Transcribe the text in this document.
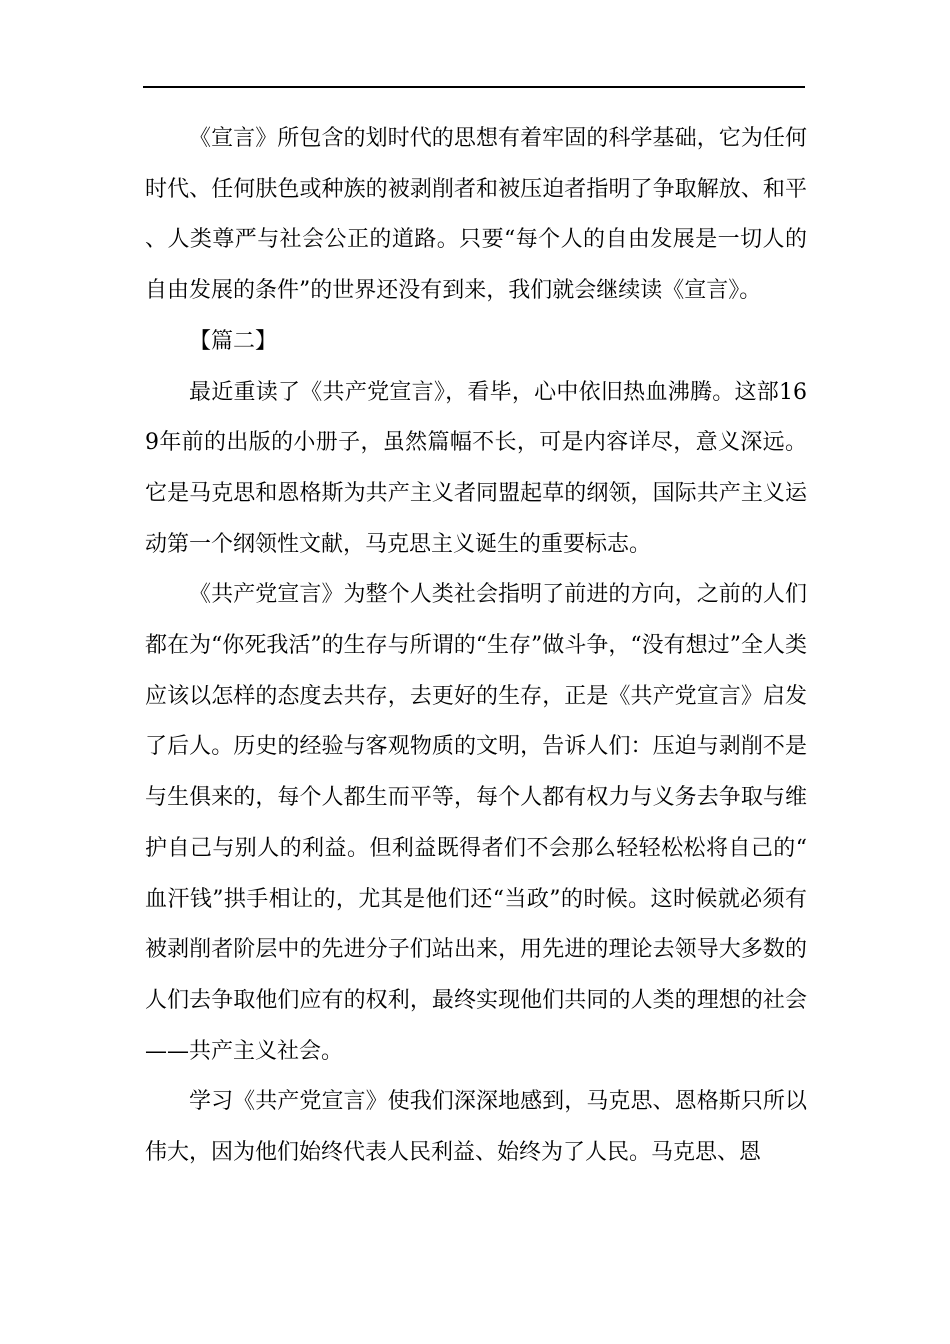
《宣言》所包含的划时代的思想有着牢固的科学基础，它为任何时代、任何肤色或种族的被剥削者和被压迫者指明了争取解放、和平、人类尊严与社会公正的道路。只要“每个人的自由发展是一切人的自由发展的条件”的世界还没有到来，我们就会继续读《宣言》。

【篇二】

最近重读了《共产党宣言》，看毕，心中依旧热血沸腾。这部169年前的出版的小册子，虽然篇幅不长，可是内容详尽，意义深远。它是马克思和恩格斯为共产主义者同盟起草的纲领，国际共产主义运动第一个纲领性文献，马克思主义诞生的重要标志。

《共产党宣言》为整个人类社会指明了前进的方向，之前的人们都在为“你死我活”的生存与所谓的“生存”做斗争，“没有想过”全人类应该以怎样的态度去共存，去更好的生存，正是《共产党宣言》启发了后人。历史的经验与客观物质的文明，告诉人们：压迫与剥削不是与生俱来的，每个人都生而平等，每个人都有权力与义务去争取与维护自己与别人的利益。但利益既得者们不会那么轻轻松松将自己的“血汗钱”拱手相让的，尤其是他们还“当政”的时候。这时候就必须有被剥削者阶层中的先进分子们站出来，用先进的理论去领导大多数的人们去争取他们应有的权利，最终实现他们共同的人类的理想的社会——共产主义社会。

学习《共产党宣言》使我们深深地感到，马克思、恩格斯只所以伟大，因为他们始终代表人民利益、始终为了人民。马克思、恩
